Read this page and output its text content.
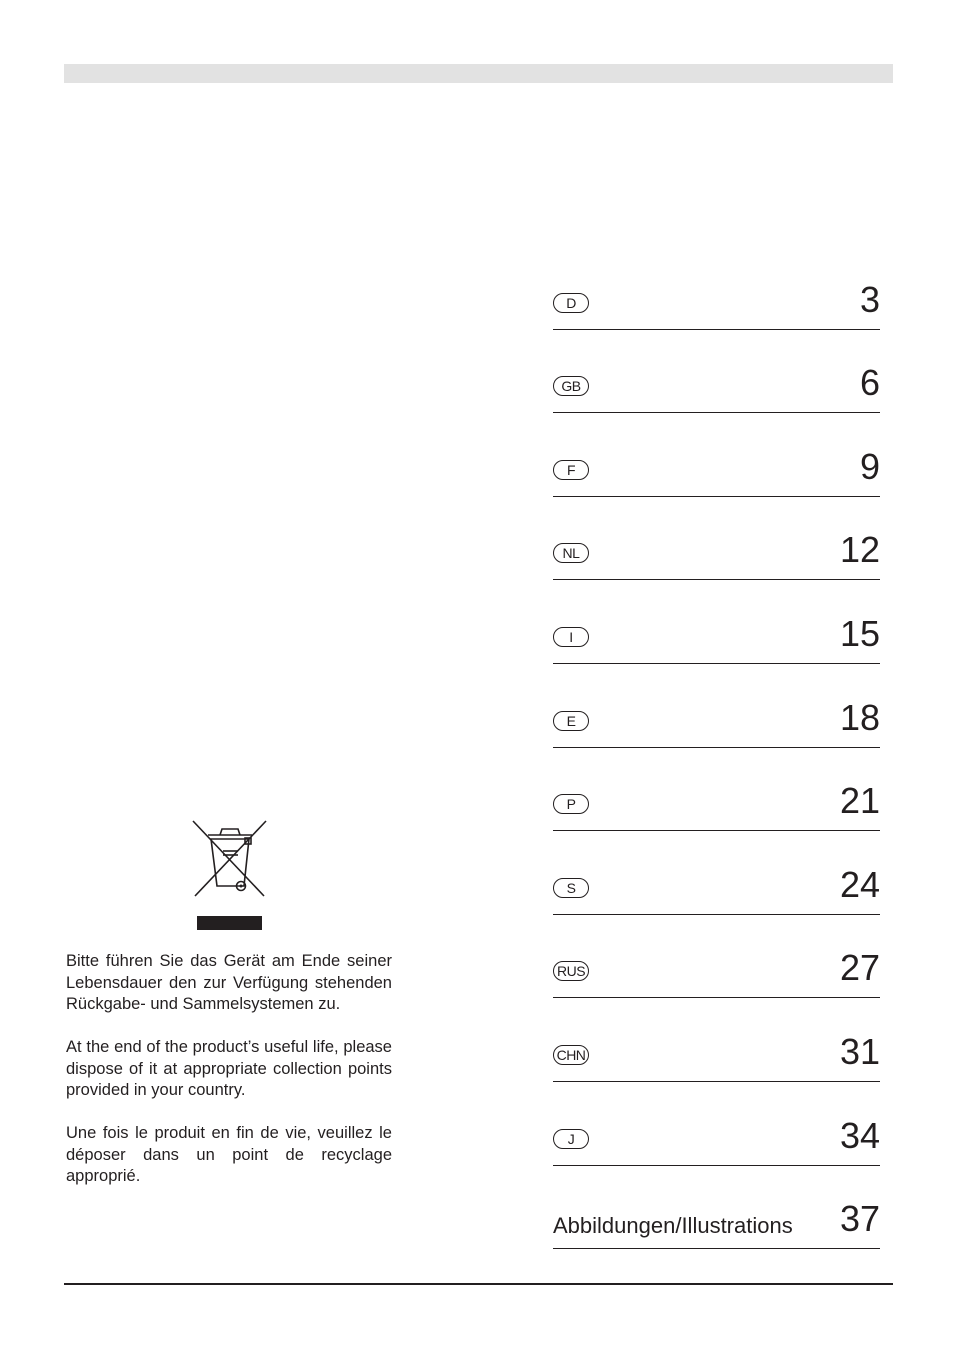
D	3
GB	6
F	9
NL	12
I	15
E	18
P	21
S	24
RUS	27
CHN	31
J	34
Abbildungen/Illustrations 37

Bitte führen Sie das Gerät am Ende seiner Lebensdauer den zur Verfügung stehenden Rückgabe- und Sammelsystemen zu.

At the end of the product’s useful life, please dispose of it at appropriate collection points provided in your country.

Une fois le produit en fin de vie, veuillez le déposer dans un point de recyclage approprié.
